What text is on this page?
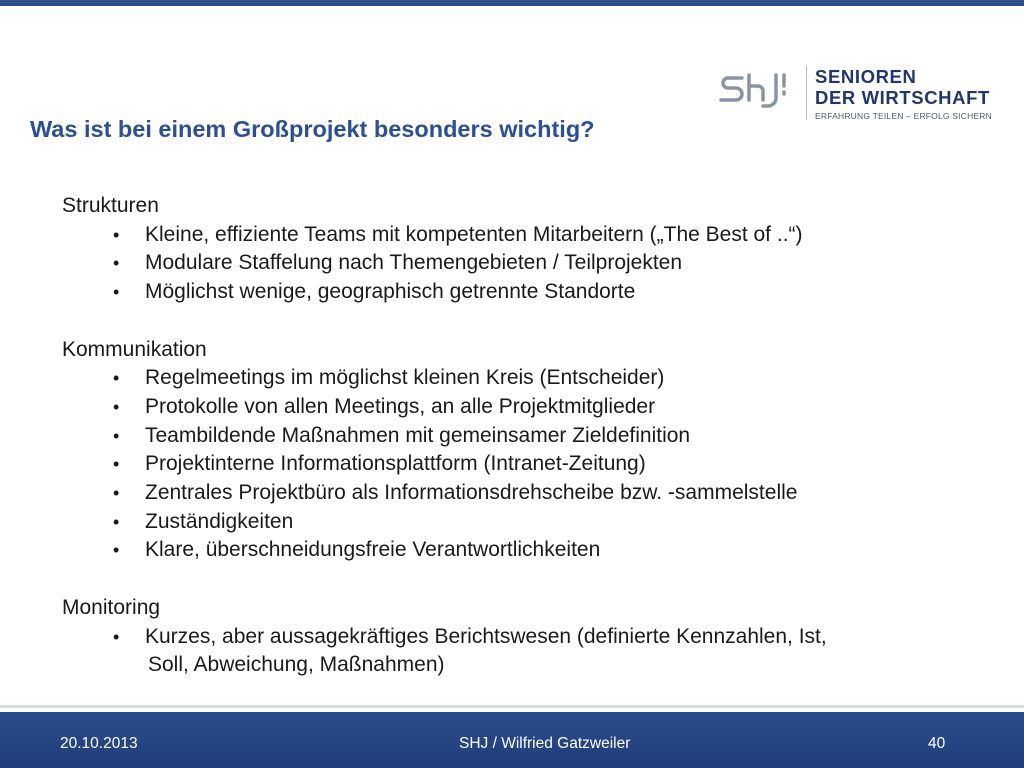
SENIOREN
DER WIRTSCHAFT
ERFAHRUNG TEILEN – ERFOLG SICHERN
Was ist bei einem Großprojekt besonders wichtig?
Strukturen
• Kleine, effiziente Teams mit kompetenten Mitarbeitern („The Best of ..“)
• Modulare Staffelung nach Themengebieten / Teilprojekten
• Möglichst wenige, geographisch getrennte Standorte
Kommunikation
• Regelmeetings im möglichst kleinen Kreis (Entscheider)
• Protokolle von allen Meetings, an alle Projektmitglieder
• Teambildende Maßnahmen mit gemeinsamer Zieldefinition
• Projektinterne Informationsplattform (Intranet-Zeitung)
• Zentrales Projektbüro als Informationsdrehscheibe bzw. -sammelstelle
• Zuständigkeiten
• Klare, überschneidungsfreie Verantwortlichkeiten
Monitoring
• Kurzes, aber aussagekräftiges Berichtswesen (definierte Kennzahlen, Ist,
Soll, Abweichung, Maßnahmen)
20.10.2013	SHJ / Wilfried Gatzweiler	40
